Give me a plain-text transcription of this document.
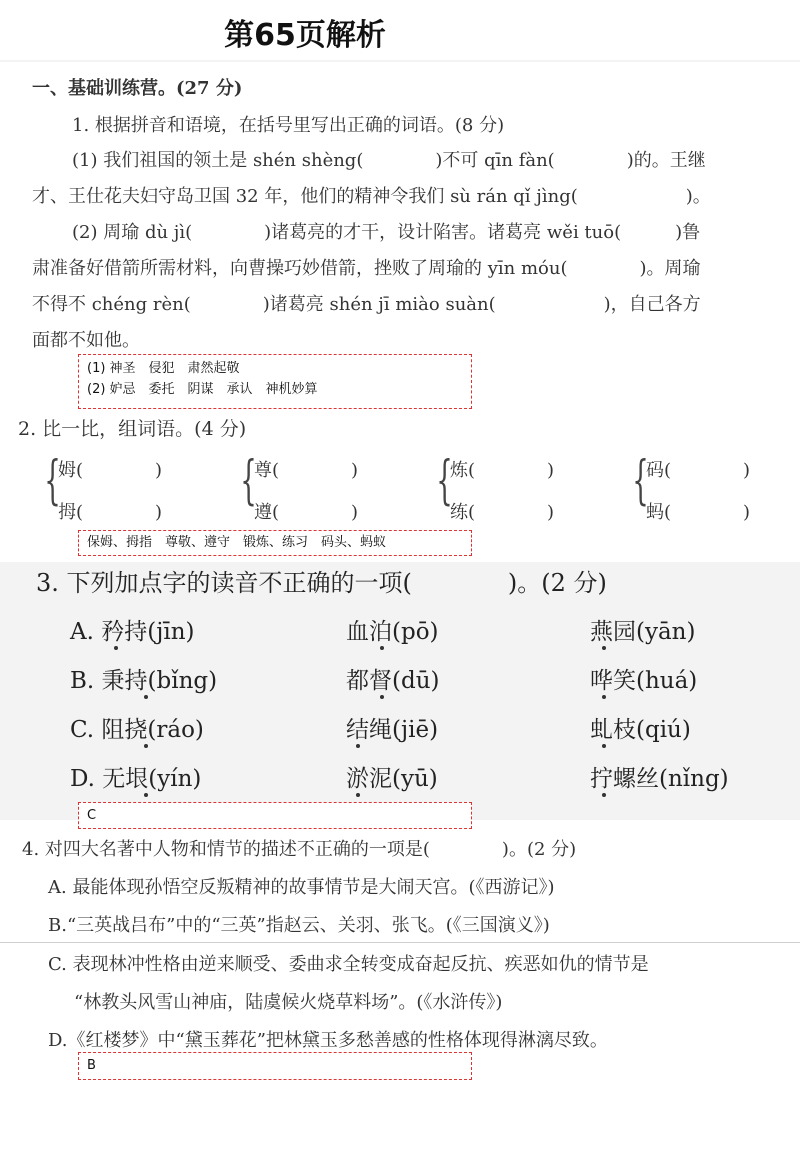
第65页解析
一、基础训练营。(27 分)
1. 根据拼音和语境，在括号里写出正确的词语。(8 分)
(1) 我们祖国的领土是 shén shèng(　　　　)不可 qīn fàn(　　　　)的。王继
才、王仕花夫妇守岛卫国 32 年，他们的精神令我们 sù rán qǐ jìng(　　　　　　)。
(2) 周瑜 dù jì(　　　　)诸葛亮的才干，设计陷害。诸葛亮 wěi tuō(　　　)鲁
肃准备好借箭所需材料，向曹操巧妙借箭，挫败了周瑜的 yīn móu(　　　　)。周瑜
不得不 chéng rèn(　　　　)诸葛亮 shén jī miào suàn(　　　　　　)，自己各方
面都不如他。
(1) 神圣　侵犯　肃然起敬
(2) 妒忌　委托　阴谋　承认　神机妙算
2. 比一比，组词语。(4 分)
{
姆(　　　　)
拇(　　　　)
{
尊(　　　　)
遵(　　　　)
{
炼(　　　　)
练(　　　　)
{
码(　　　　)
蚂(　　　　)
保姆、拇指　尊敬、遵守　锻炼、练习　码头、蚂蚁
3. 下列加点字的读音不正确的一项(　　　　)。(2 分)
A. 矜持(jīn)	血泊(pō)	燕园(yān)
B. 秉持(bǐng)	都督(dū)	哗笑(huá)
C. 阻挠(ráo)	结绳(jiē)	虬枝(qiú)
D. 无垠(yín)	淤泥(yū)	拧螺丝(nǐng)
C
4. 对四大名著中人物和情节的描述不正确的一项是(　　　　)。(2 分)
A. 最能体现孙悟空反叛精神的故事情节是大闹天宫。(《西游记》)
B.“三英战吕布”中的“三英”指赵云、关羽、张飞。(《三国演义》)
C. 表现林冲性格由逆来顺受、委曲求全转变成奋起反抗、疾恶如仇的情节是
“林教头风雪山神庙，陆虞候火烧草料场”。(《水浒传》)
D.《红楼梦》中“黛玉葬花”把林黛玉多愁善感的性格体现得淋漓尽致。
B
